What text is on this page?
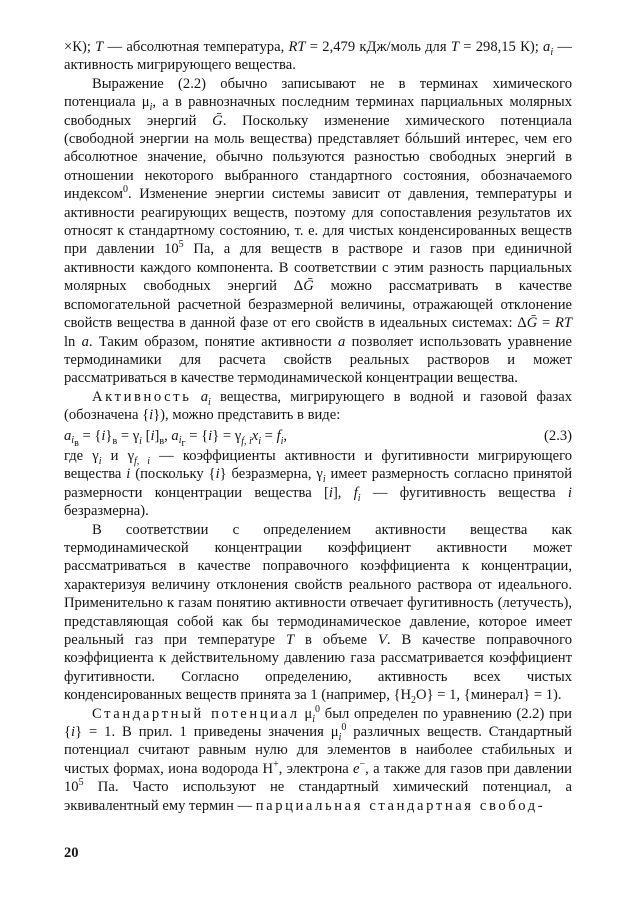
×К); T — абсолютная температура, RT = 2,479 кДж/моль для T = 298,15 К); $a_i$ — активность мигрирующего вещества.

Выражение (2.2) обычно записывают не в терминах химического потенциала $\mu_i$, а в равнозначных последним терминах парциальных молярных свободных энергий Ḡ. Поскольку изменение химического потенциала (свободной энергии на моль вещества) представляет бóльший интерес, чем его абсолютное значение, обычно пользуются разностью свободных энергий в отношении некоторого выбранного стандартного состояния, обозначаемого индексом$^0$. Изменение энергии системы зависит от давления, температуры и активности реагирующих веществ, поэтому для сопоставления результатов их относят к стандартному состоянию, т. е. для чистых конденсированных веществ при давлении $10^5$ Па, а для веществ в растворе и газов при единичной активности каждого компонента. В соответствии с этим разность парциальных молярных свободных энергий ΔḠ можно рассматривать в качестве вспомогательной расчетной безразмерной величины, отражающей отклонение свойств вещества в данной фазе от его свойств в идеальных системах: ΔḠ = RT ln a. Таким образом, понятие активности a позволяет использовать уравнение термодинамики для расчета свойств реальных растворов и может рассматриваться в качестве термодинамической концентрации вещества.

Активность $a_i$ вещества, мигрирующего в водной и газовой фазах (обозначена {i}), можно представить в виде:

$a_{i_в} = \{i\}_в = \gamma_i$ $[i]_в$, $a_{i_г} = \{i\} = \gamma_{f, i}x_i = f_i$,	(2.3)

где $\gamma_i$ и $\gamma_{f, i}$ — коэффициенты активности и фугитивности мигрирующего вещества i (поскольку {i} безразмерна, $\gamma_i$ имеет размерность согласно принятой размерности концентрации вещества [i], $f_i$ — фугитивность вещества i безразмерна).

В соответствии с определением активности вещества как термодинамической концентрации коэффициент активности может рассматриваться в качестве поправочного коэффициента к концентрации, характеризуя величину отклонения свойств реального раствора от идеального. Применительно к газам понятию активности отвечает фугитивность (летучесть), представляющая собой как бы термодинамическое давление, которое имеет реальный газ при температуре T в объеме V. В качестве поправочного коэффициента к действительному давлению газа рассматривается коэффициент фугитивности. Согласно определению, активность всех чистых конденсированных веществ принята за 1 (например, $\{H_2O\} = 1$, {минерал} = 1).

Стандартный потенциал $\mu_i^0$ был определен по уравнению (2.2) при {i} = 1. В прил. 1 приведены значения $\mu_i^0$ различных веществ. Стандартный потенциал считают равным нулю для элементов в наиболее стабильных и чистых формах, иона водорода H+, электрона e−, а также для газов при давлении $10^5$ Па. Часто используют не стандартный химический потенциал, а эквивалентный ему термин — парциальная стандартная свобод-

20
